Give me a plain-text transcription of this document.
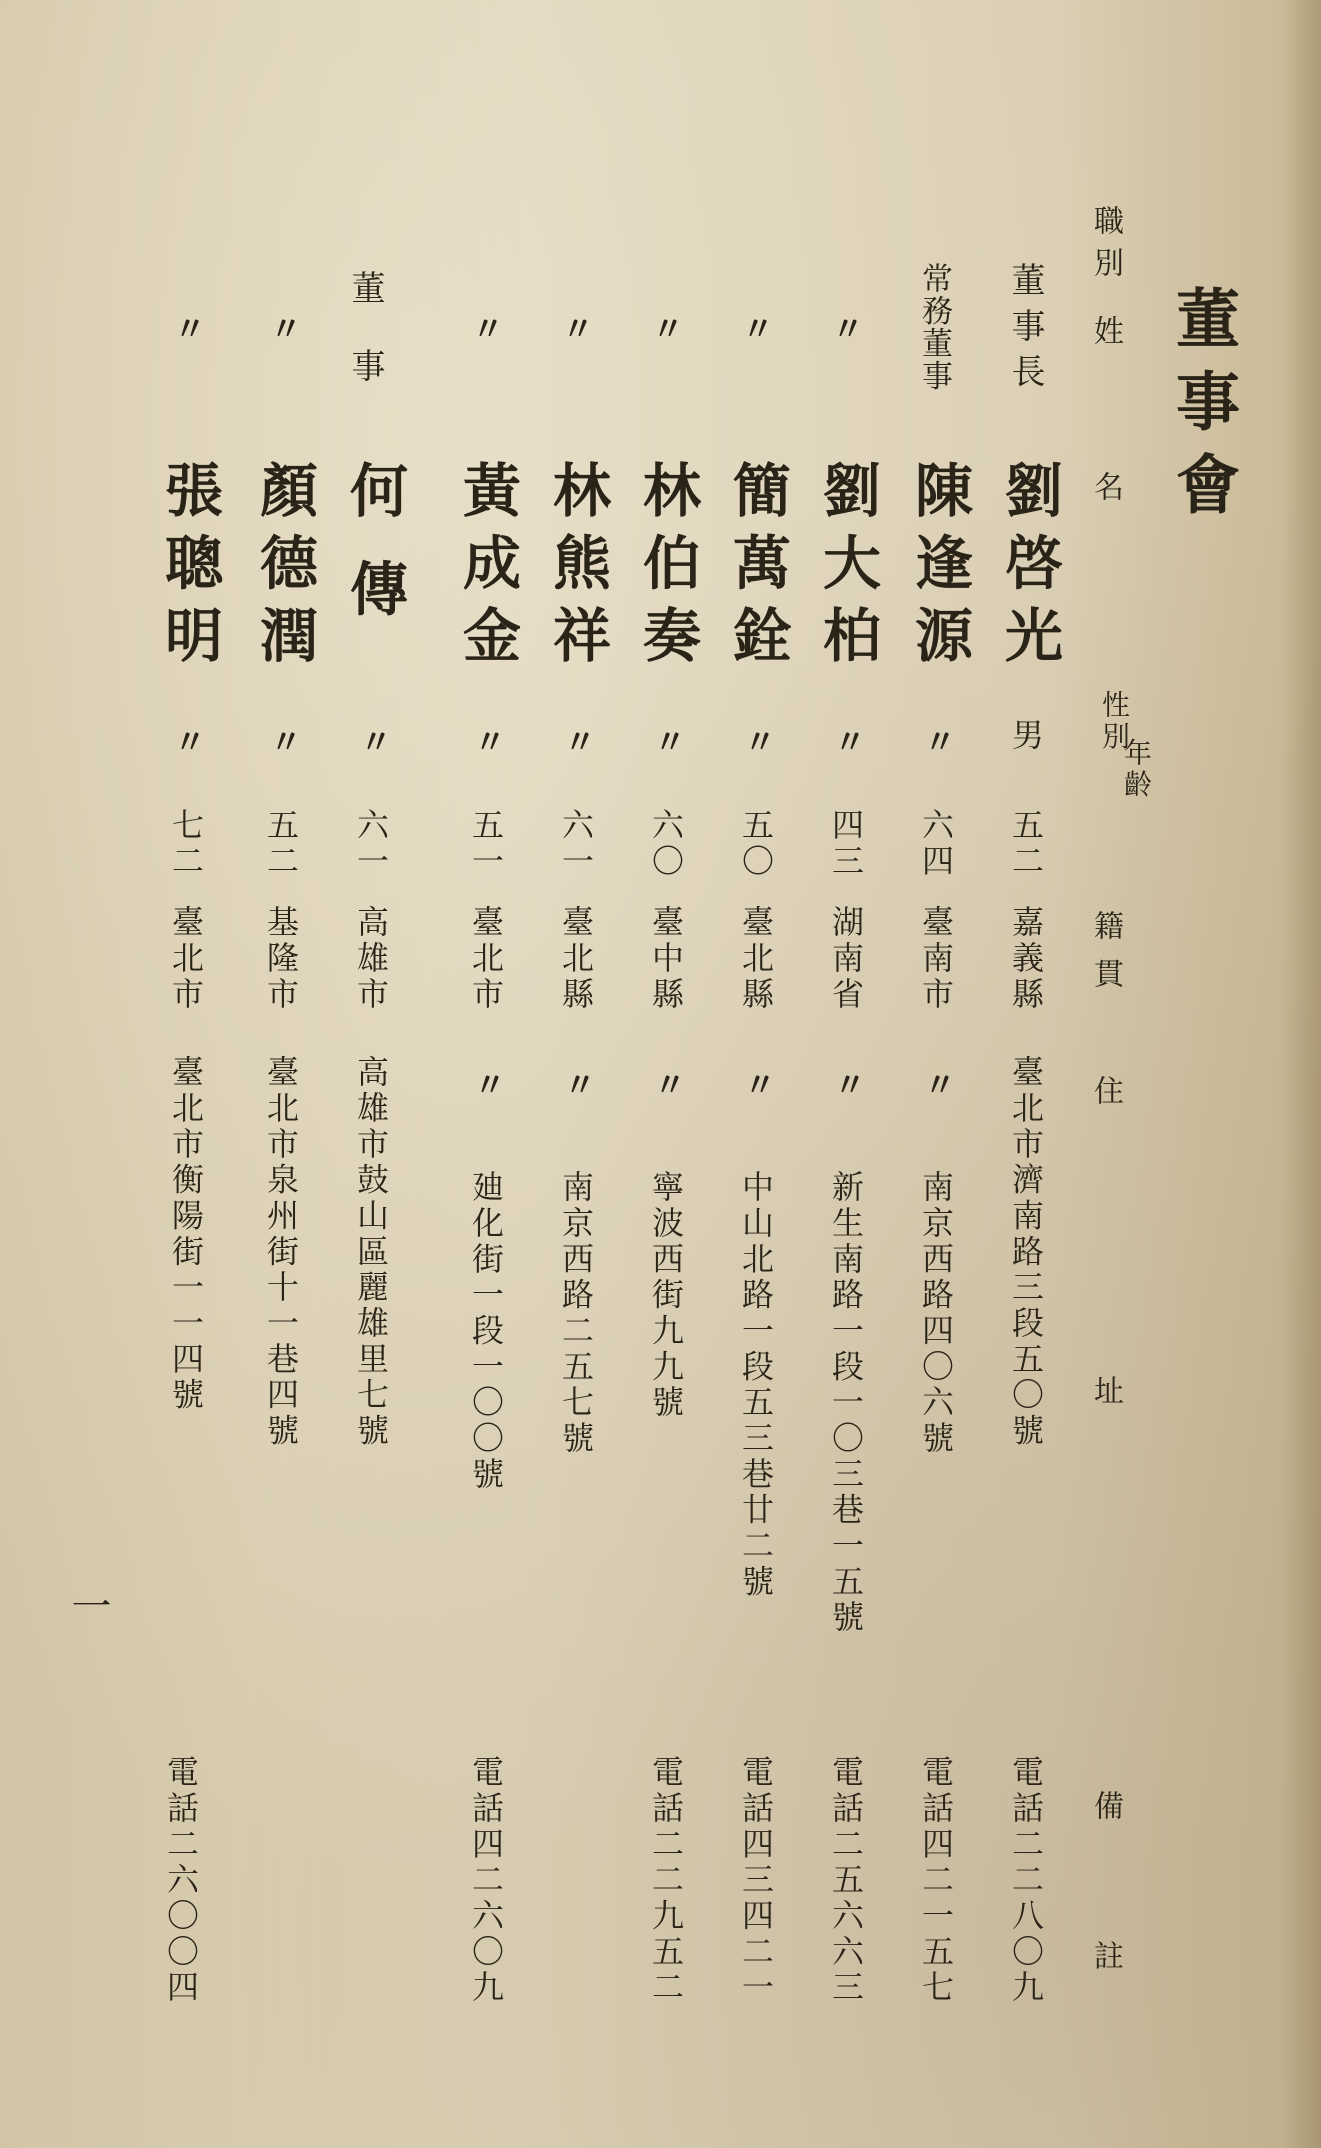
董事會
職別
姓名
性別
年齡
籍貫
住址
備註
董事長
劉啓光
男
五二
嘉義縣
臺北市濟南路三段五〇號
電話二二八〇九
常務董事
陳逢源
〃
六四
臺南市
〃
南京西路四〇六號
電話四二一五七
〃
劉大柏
〃
四三
湖南省
〃
新生南路一段一〇三巷一五號
電話二五六六三
〃
簡萬銓
〃
五〇
臺北縣
〃
中山北路一段五三巷廿二號
電話四三四二一
〃
林伯奏
〃
六〇
臺中縣
〃
寧波西街九九號
電話二二九五二
〃
林熊祥
〃
六一
臺北縣
〃
南京西路二五七號
〃
黃成金
〃
五一
臺北市
〃
廸化街一段一〇〇號
電話四二六〇九
董事
何傳
〃
六一
高雄市
高雄市鼓山區麗雄里七號
〃
顏德潤
〃
五二
基隆市
臺北市泉州街十一巷四號
〃
張聰明
〃
七二
臺北市
臺北市衡陽街一一四號
電話二六〇〇四
一
